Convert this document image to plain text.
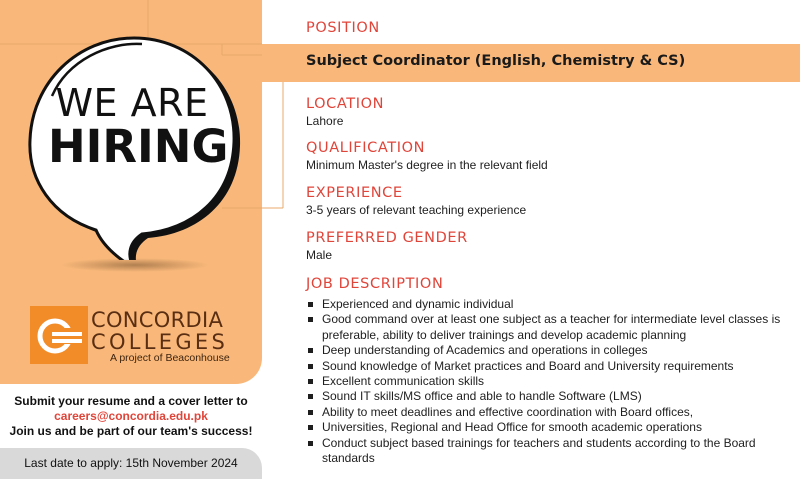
WE ARE
HIRING
CONCORDIA
COLLEGES
A project of Beaconhouse
Submit your resume and a cover letter to
careers@concordia.edu.pk
Join us and be part of our team's success!
Last date to apply: 15th November 2024
POSITION
Subject Coordinator (English, Chemistry & CS)
LOCATION
Lahore
QUALIFICATION
Minimum Master's degree in the relevant field
EXPERIENCE
3-5 years of relevant teaching experience
PREFERRED GENDER
Male
JOB DESCRIPTION
Experienced and dynamic individual
Good command over at least one subject as a teacher for intermediate level classes is preferable, ability to deliver trainings and develop academic planning
Deep understanding of Academics and operations in colleges
Sound knowledge of Market practices and Board and University requirements
Excellent communication skills
Sound IT skills/MS office and able to handle Software (LMS)
Ability to meet deadlines and effective coordination with Board offices,
Universities, Regional and Head Office for smooth academic operations
Conduct subject based trainings for teachers and students according to the Board standards
